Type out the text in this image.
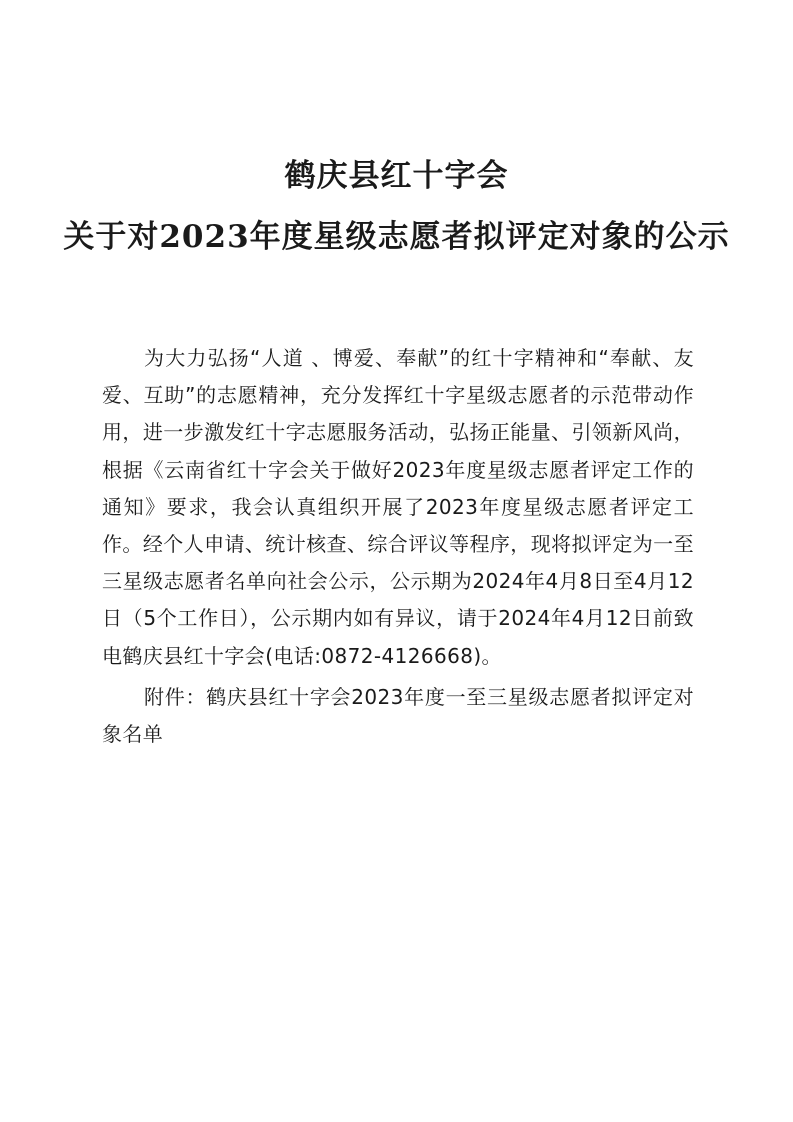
鹤庆县红十字会
关于对2023年度星级志愿者拟评定对象的公示

为大力弘扬“人道 、博爱、奉献”的红十字精神和“奉献、友爱、互助”的志愿精神，充分发挥红十字星级志愿者的示范带动作用，进一步激发红十字志愿服务活动，弘扬正能量、引领新风尚，根据《云南省红十字会关于做好2023年度星级志愿者评定工作的通知》要求，我会认真组织开展了2023年度星级志愿者评定工作。经个人申请、统计核查、综合评议等程序，现将拟评定为一至三星级志愿者名单向社会公示，公示期为2024年4月8日至4月12日（5个工作日），公示期内如有异议，请于2024年4月12日前致电鹤庆县红十字会(电话:0872-4126668)。

附件：鹤庆县红十字会2023年度一至三星级志愿者拟评定对象名单
